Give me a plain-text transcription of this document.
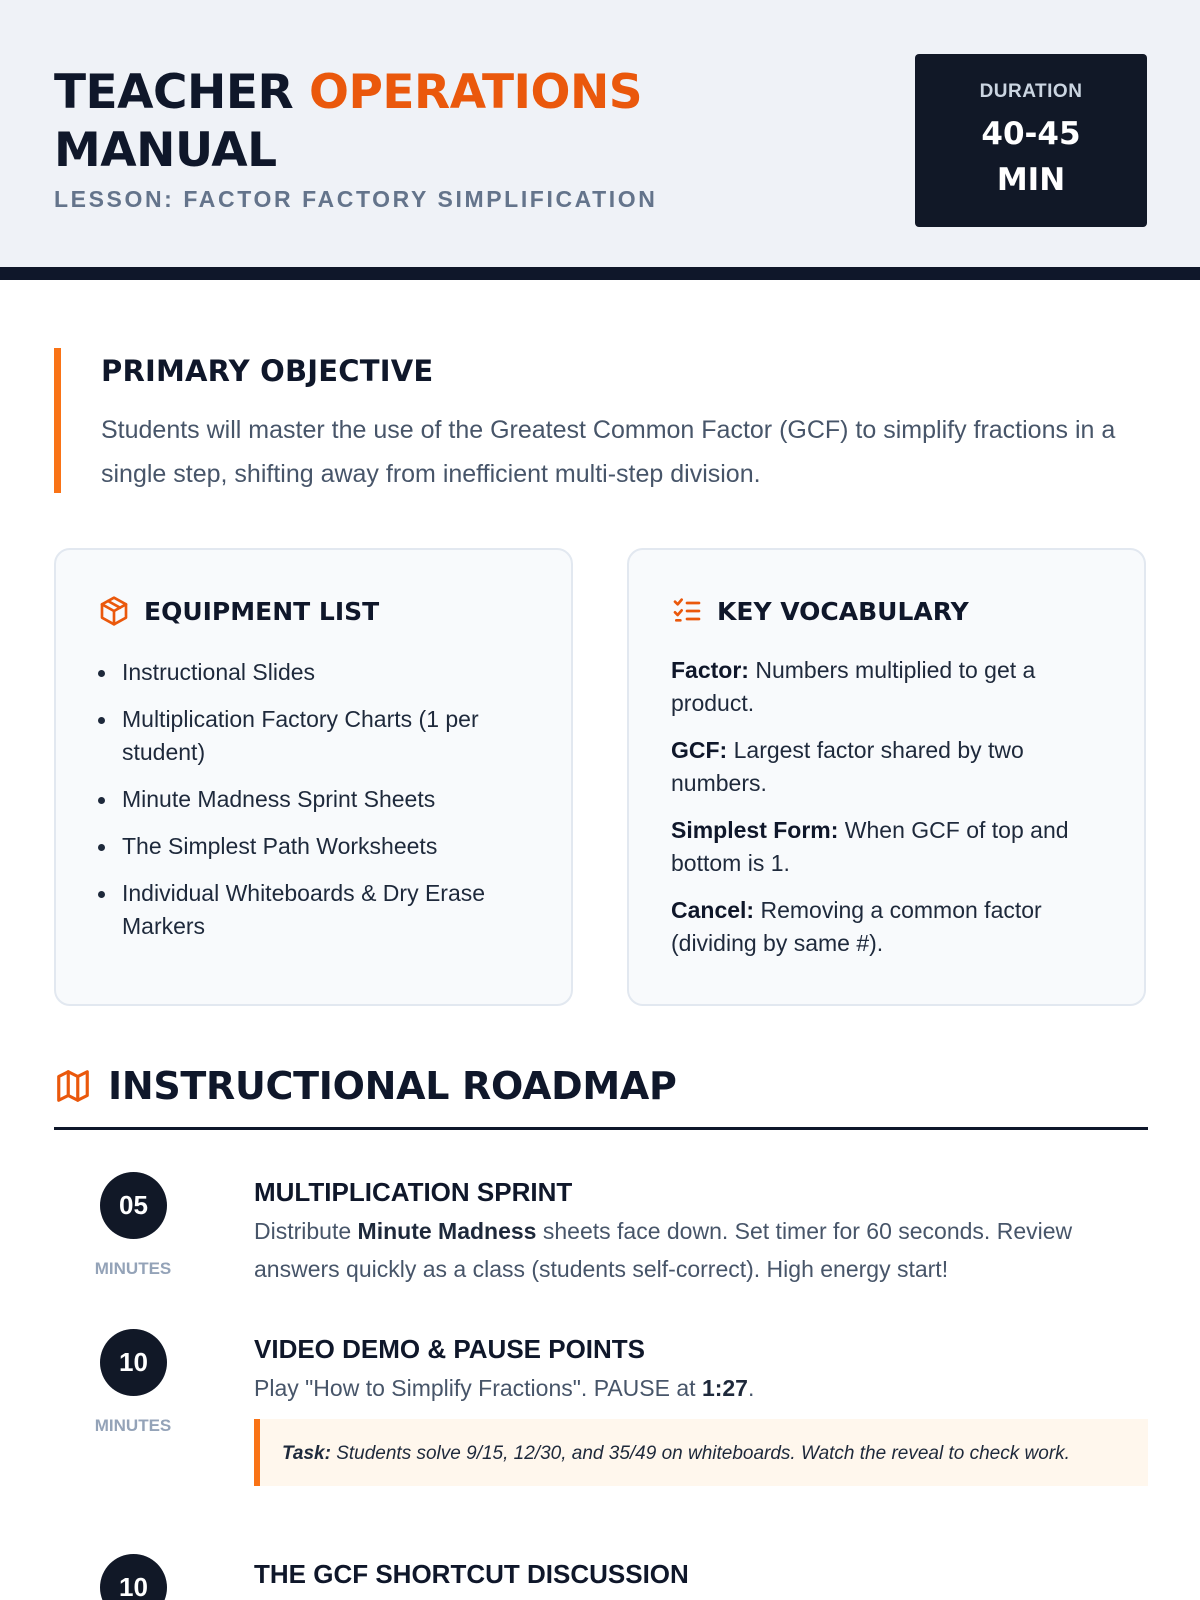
TEACHER OPERATIONS
MANUAL
LESSON: FACTOR FACTORY SIMPLIFICATION
DURATION
40-45 MIN
PRIMARY OBJECTIVE

Students will master the use of the Greatest Common Factor (GCF) to simplify fractions in a single step, shifting away from inefficient multi-step division.

EQUIPMENT LIST
Instructional Slides
Multiplication Factory Charts (1 per student)
Minute Madness Sprint Sheets
The Simplest Path Worksheets
Individual Whiteboards & Dry Erase Markers
KEY VOCABULARY
Factor: Numbers multiplied to get a product.
GCF: Largest factor shared by two numbers.
Simplest Form: When GCF of top and bottom is 1.
Cancel: Removing a common factor (dividing by same #).
INSTRUCTIONAL ROADMAP
05
MINUTES
MULTIPLICATION SPRINT

Distribute Minute Madness sheets face down. Set timer for 60 seconds. Review answers quickly as a class (students self-correct). High energy start!

10
MINUTES
VIDEO DEMO & PAUSE POINTS

Play "How to Simplify Fractions". PAUSE at 1:27.

Task: Students solve 9/15, 12/30, and 35/49 on whiteboards. Watch the reveal to check work.
10	THE GCF SHORTCUT DISCUSSION
